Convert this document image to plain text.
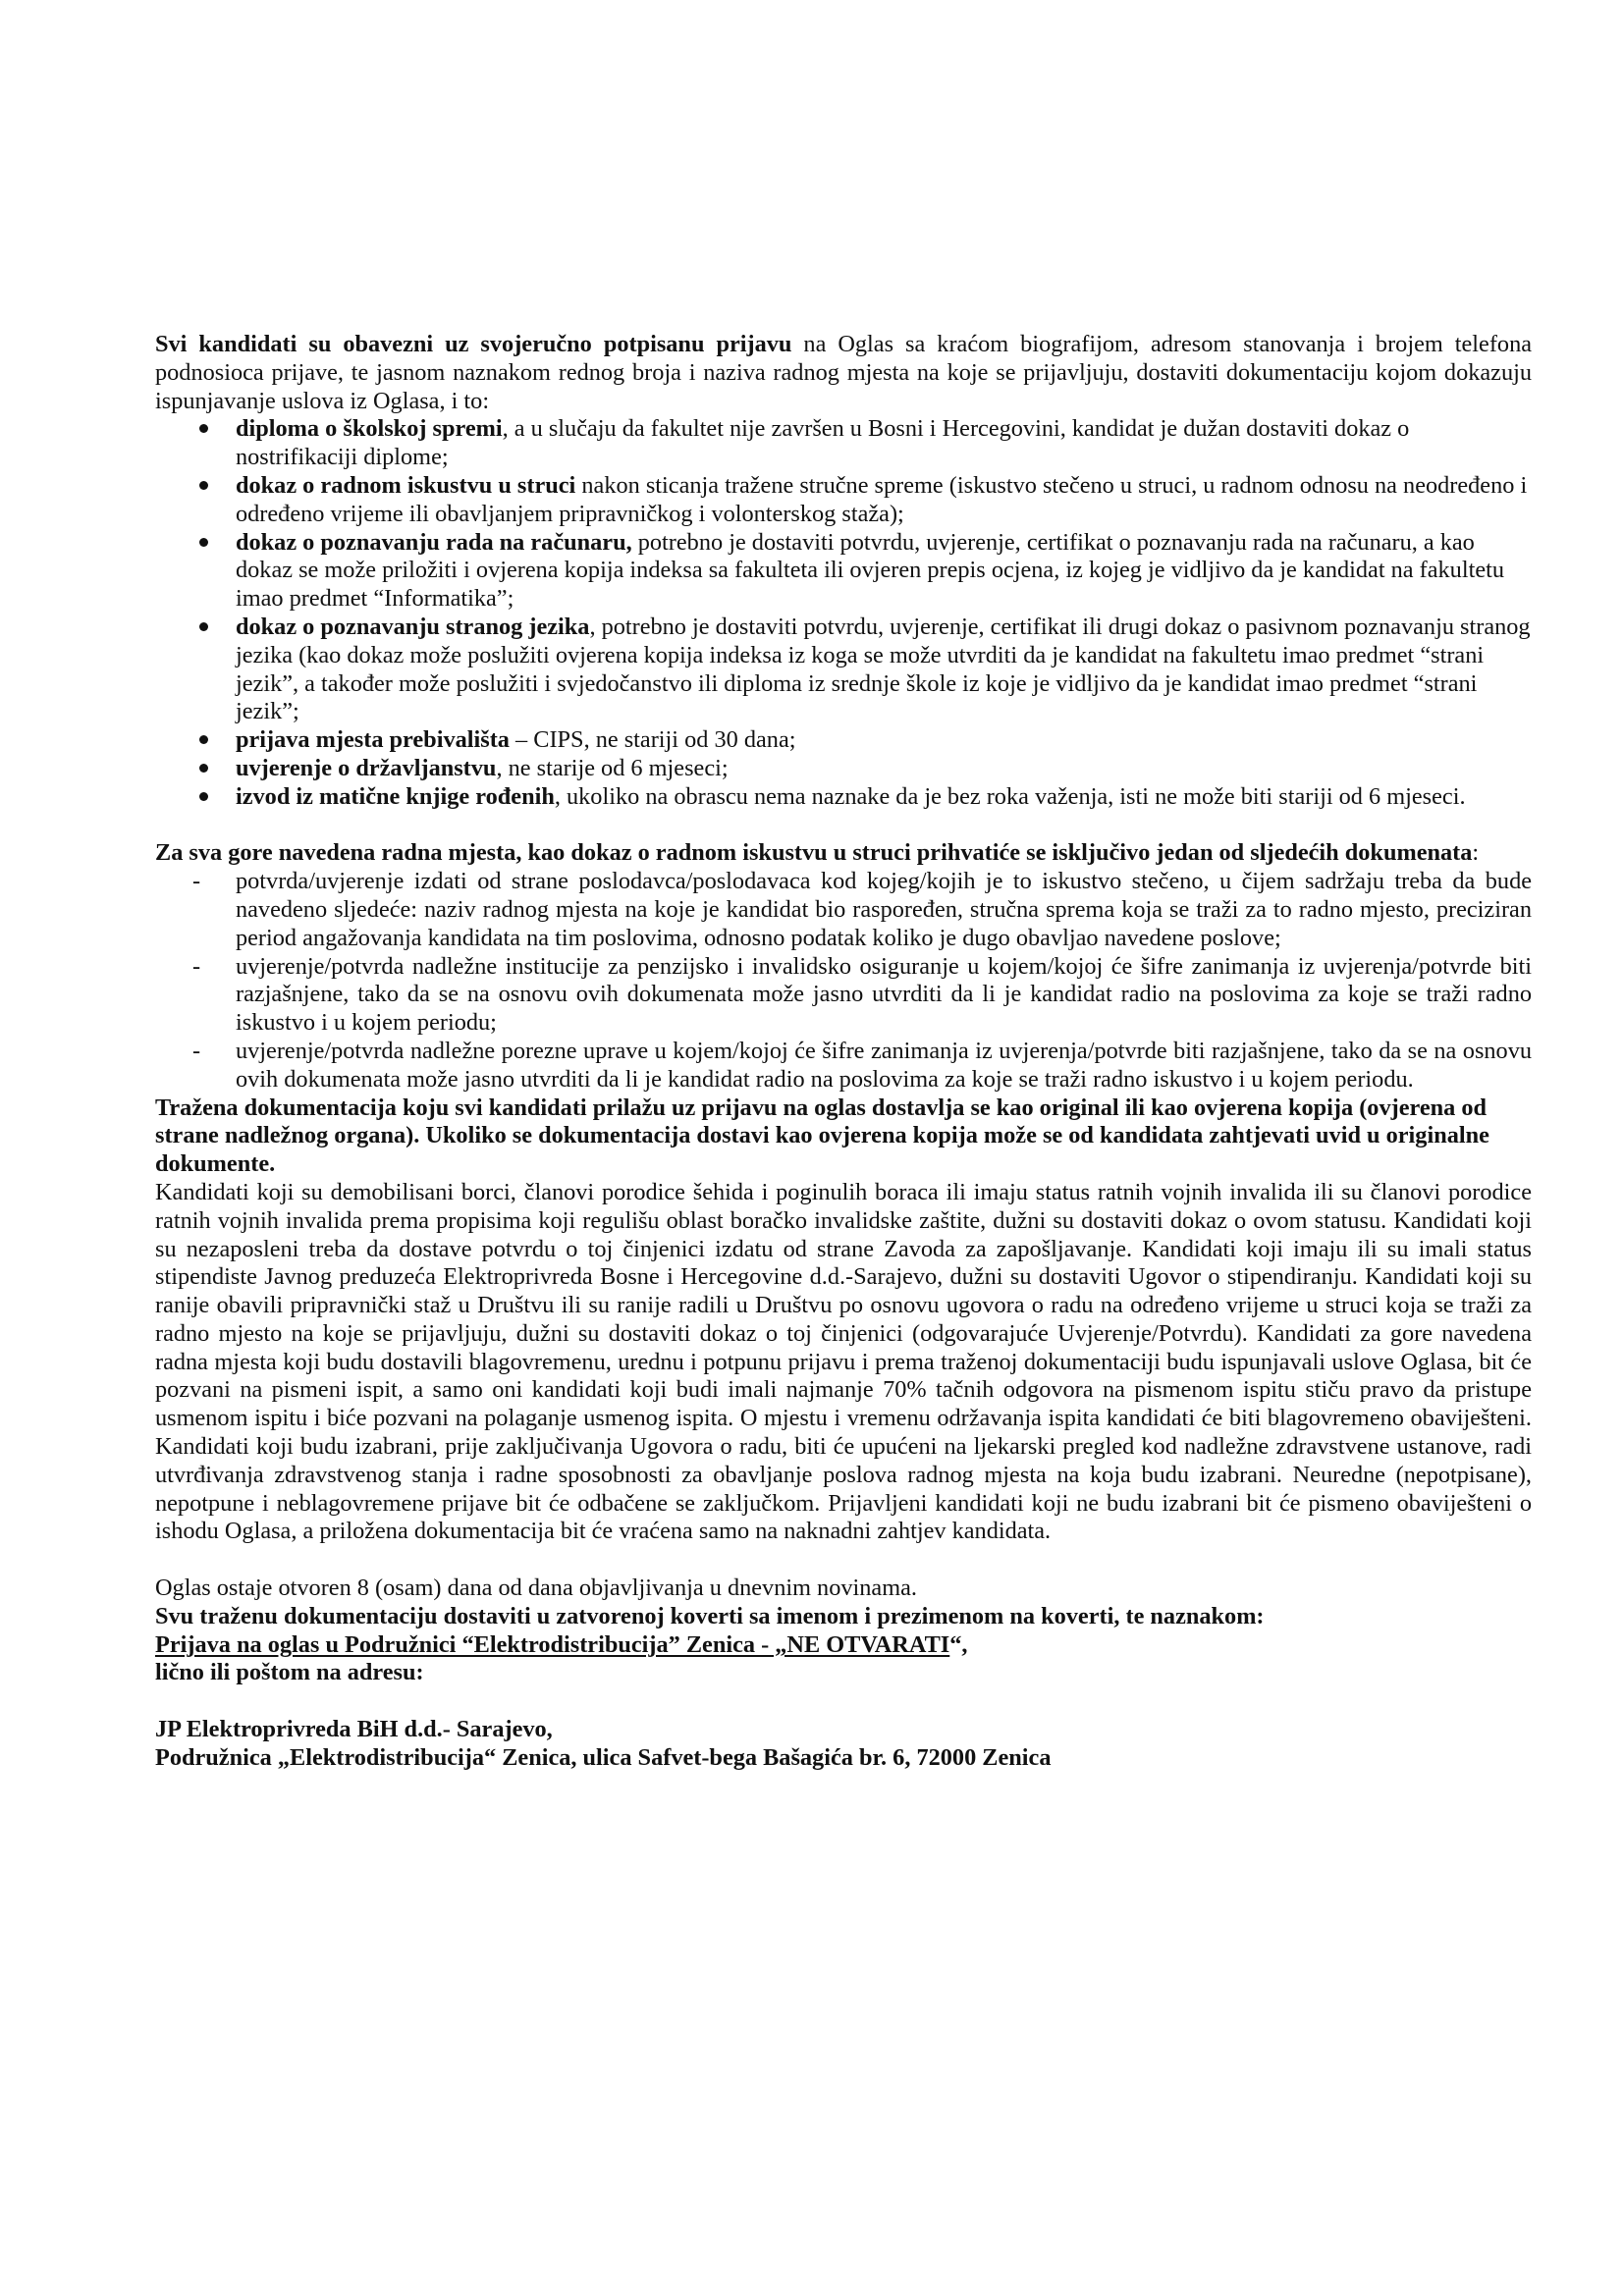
Svi kandidati su obavezni uz svojeručno potpisanu prijavu na Oglas sa kraćom biografijom, adresom stanovanja i brojem telefona podnosioca prijave, te jasnom naznakom rednog broja i naziva radnog mjesta na koje se prijavljuju, dostaviti dokumentaciju kojom dokazuju ispunjavanje uslova iz Oglasa, i to:

diploma o školskoj spremi, a u slučaju da fakultet nije završen u Bosni i Hercegovini, kandidat je dužan dostaviti dokaz o nostrifikaciji diplome;
dokaz o radnom iskustvu u struci nakon sticanja tražene stručne spreme (iskustvo stečeno u struci, u radnom odnosu na neodređeno i određeno vrijeme ili obavljanjem pripravničkog i volonterskog staža);
dokaz o poznavanju rada na računaru, potrebno je dostaviti potvrdu, uvjerenje, certifikat o poznavanju rada na računaru, a kao dokaz se može priložiti i ovjerena kopija indeksa sa fakulteta ili ovjeren prepis ocjena, iz kojeg je vidljivo da je kandidat na fakultetu imao predmet “Informatika”;
dokaz o poznavanju stranog jezika, potrebno je dostaviti potvrdu, uvjerenje, certifikat ili drugi dokaz o pasivnom poznavanju stranog jezika (kao dokaz može poslužiti ovjerena kopija indeksa iz koga se može utvrditi da je kandidat na fakultetu imao predmet “strani jezik”, a također može poslužiti i svjedočanstvo ili diploma iz srednje škole iz koje je vidljivo da je kandidat imao predmet “strani jezik”;
prijava mjesta prebivališta – CIPS, ne stariji od 30 dana;
uvjerenje o državljanstvu, ne starije od 6 mjeseci;
izvod iz matične knjige rođenih, ukoliko na obrascu nema naznake da je bez roka važenja, isti ne može biti stariji od 6 mjeseci.

Za sva gore navedena radna mjesta, kao dokaz o radnom iskustvu u struci prihvatiće se isključivo jedan od sljedećih dokumenata:

- potvrda/uvjerenje izdati od strane poslodavca/poslodavaca kod kojeg/kojih je to iskustvo stečeno, u čijem sadržaju treba da bude navedeno sljedeće: naziv radnog mjesta na koje je kandidat bio raspoređen, stručna sprema koja se traži za to radno mjesto, preciziran period angažovanja kandidata na tim poslovima, odnosno podatak koliko je dugo obavljao navedene poslove;
- uvjerenje/potvrda nadležne institucije za penzijsko i invalidsko osiguranje u kojem/kojoj će šifre zanimanja iz uvjerenja/potvrde biti razjašnjene, tako da se na osnovu ovih dokumenata može jasno utvrditi da li je kandidat radio na poslovima za koje se traži radno iskustvo i u kojem periodu;
- uvjerenje/potvrda nadležne porezne uprave u kojem/kojoj će šifre zanimanja iz uvjerenja/potvrde biti razjašnjene, tako da se na osnovu ovih dokumenata može jasno utvrditi da li je kandidat radio na poslovima za koje se traži radno iskustvo i u kojem periodu.

Tražena dokumentacija koju svi kandidati prilažu uz prijavu na oglas dostavlja se kao original ili kao ovjerena kopija (ovjerena od strane nadležnog organa). Ukoliko se dokumentacija dostavi kao ovjerena kopija može se od kandidata zahtjevati uvid u originalne dokumente.

Kandidati koji su demobilisani borci, članovi porodice šehida i poginulih boraca ili imaju status ratnih vojnih invalida ili su članovi porodice ratnih vojnih invalida prema propisima koji regulišu oblast boračko invalidske zaštite, dužni su dostaviti dokaz o ovom statusu. Kandidati koji su nezaposleni treba da dostave potvrdu o toj činjenici izdatu od strane Zavoda za zapošljavanje. Kandidati koji imaju ili su imali status stipendiste Javnog preduzeća Elektroprivreda Bosne i Hercegovine d.d.-Sarajevo, dužni su dostaviti Ugovor o stipendiranju. Kandidati koji su ranije obavili pripravnički staž u Društvu ili su ranije radili u Društvu po osnovu ugovora o radu na određeno vrijeme u struci koja se traži za radno mjesto na koje se prijavljuju, dužni su dostaviti dokaz o toj činjenici (odgovarajuće Uvjerenje/Potvrdu). Kandidati za gore navedena radna mjesta koji budu dostavili blagovremenu, urednu i potpunu prijavu i prema traženoj dokumentaciji budu ispunjavali uslove Oglasa, bit će pozvani na pismeni ispit, a samo oni kandidati koji budi imali najmanje 70% tačnih odgovora na pismenom ispitu stiču pravo da pristupe usmenom ispitu i biće pozvani na polaganje usmenog ispita. O mjestu i vremenu održavanja ispita kandidati će biti blagovremeno obaviješteni. Kandidati koji budu izabrani, prije zaključivanja Ugovora o radu, biti će upućeni na ljekarski pregled kod nadležne zdravstvene ustanove, radi utvrđivanja zdravstvenog stanja i radne sposobnosti za obavljanje poslova radnog mjesta na koja budu izabrani. Neuredne (nepotpisane), nepotpune i neblagovremene prijave bit će odbačene se zaključkom. Prijavljeni kandidati koji ne budu izabrani bit će pismeno obaviješteni o ishodu Oglasa, a priložena dokumentacija bit će vraćena samo na naknadni zahtjev kandidata.

Oglas ostaje otvoren 8 (osam) dana od dana objavljivanja u dnevnim novinama.

Svu traženu dokumentaciju dostaviti u zatvorenoj koverti sa imenom i prezimenom na koverti, te naznakom:

Prijava na oglas u Podružnici “Elektrodistribucija” Zenica - „NE OTVARATI“,

lično ili poštom na adresu:

JP Elektroprivreda BiH d.d.- Sarajevo,

Podružnica „Elektrodistribucija“ Zenica, ulica Safvet-bega Bašagića br. 6, 72000 Zenica
